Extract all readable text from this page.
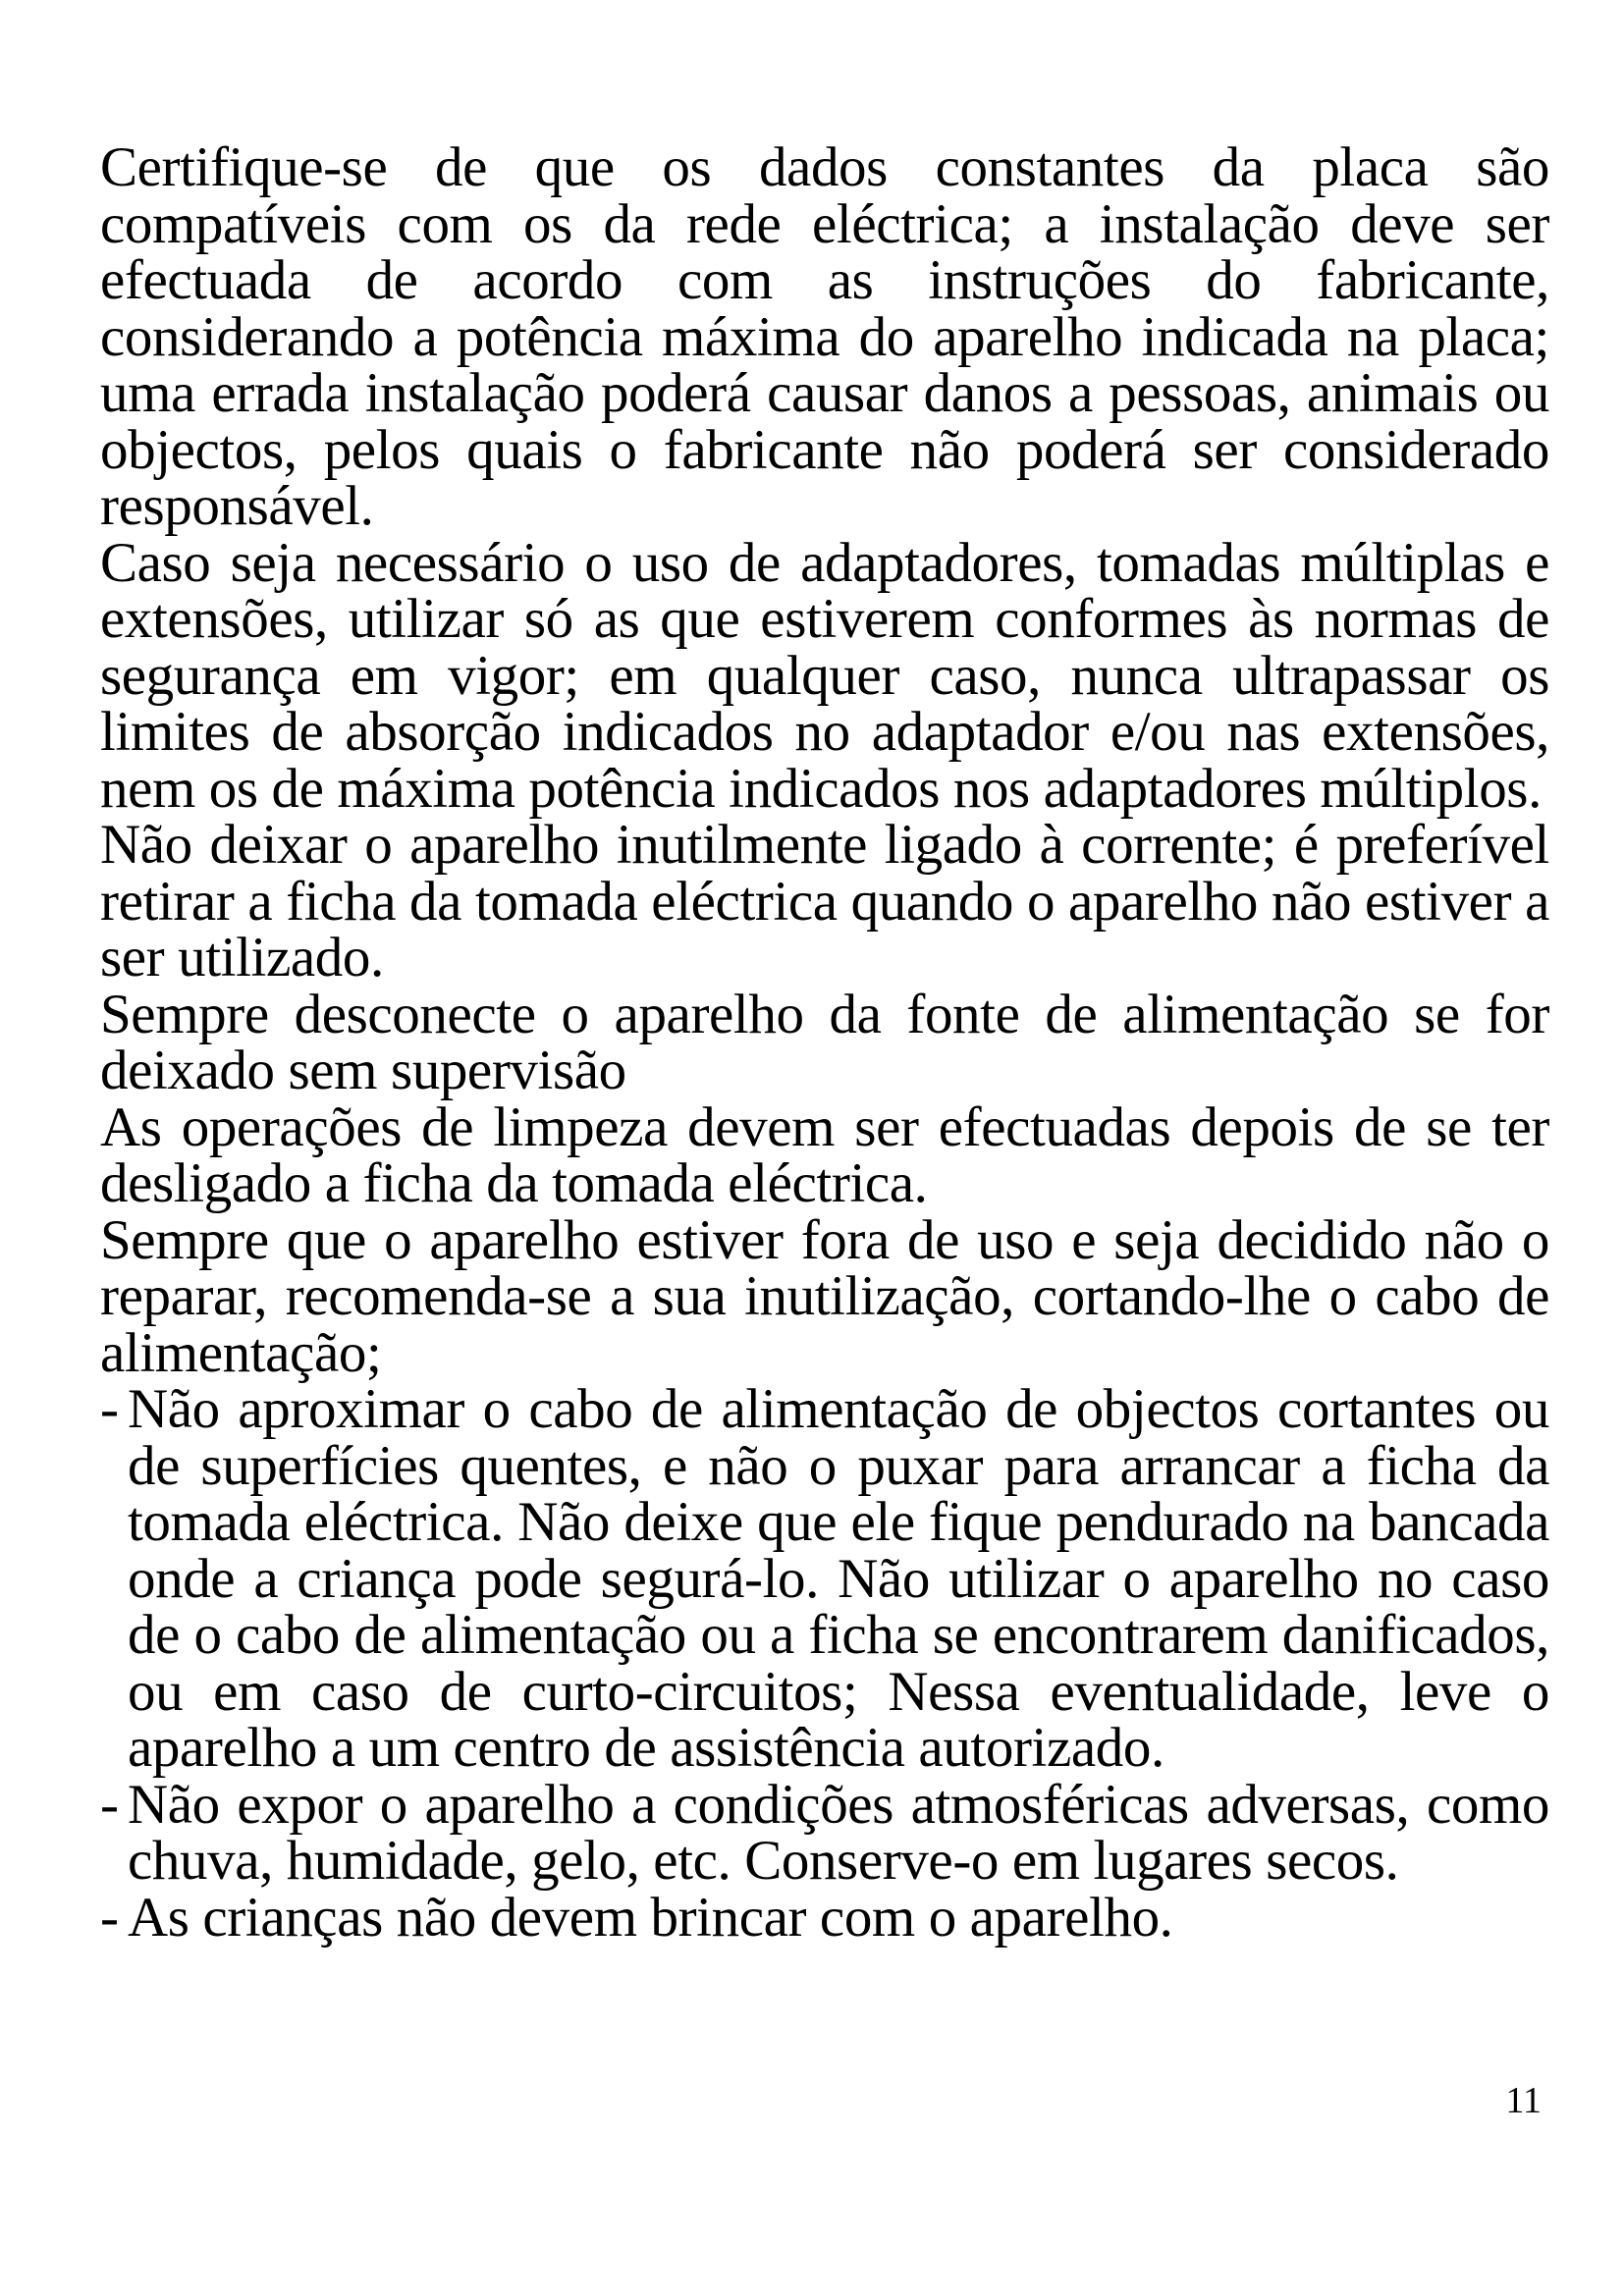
Certifique-se de que os dados constantes da placa são compatíveis com os da rede eléctrica; a instalação deve ser efectuada de acordo com as instruções do fabricante, considerando a potência máxima do aparelho indicada na placa; uma errada instalação poderá causar danos a pessoas, animais ou objectos, pelos quais o fabricante não poderá ser considerado responsável.

Caso seja necessário o uso de adaptadores, tomadas múltiplas e extensões, utilizar só as que estiverem conformes às normas de segurança em vigor; em qualquer caso, nunca ultrapassar os limites de absorção indicados no adaptador e/ou nas extensões, nem os de máxima potência indicados nos adaptadores múltiplos.

Não deixar o aparelho inutilmente ligado à corrente; é preferível retirar a ficha da tomada eléctrica quando o aparelho não estiver a ser utilizado.

Sempre desconecte o aparelho da fonte de alimentação se for deixado sem supervisão

As operações de limpeza devem ser efectuadas depois de se ter desligado a ficha da tomada eléctrica.

Sempre que o aparelho estiver fora de uso e seja decidido não o reparar, recomenda-se a sua inutilização, cortando-lhe o cabo de alimentação;

- Não aproximar o cabo de alimentação de objectos cortantes ou de superfícies quentes, e não o puxar para arrancar a ficha da tomada eléctrica. Não deixe que ele fique pendurado na bancada onde a criança pode segurá-lo. Não utilizar o aparelho no caso de o cabo de alimentação ou a ficha se encontrarem danificados, ou em caso de curto-circuitos; Nessa eventualidade, leve o aparelho a um centro de assistência autorizado.
- Não expor o aparelho a condições atmosféricas adversas, como chuva, humidade, gelo, etc. Conserve-o em lugares secos.
- As crianças não devem brincar com o aparelho.
11
